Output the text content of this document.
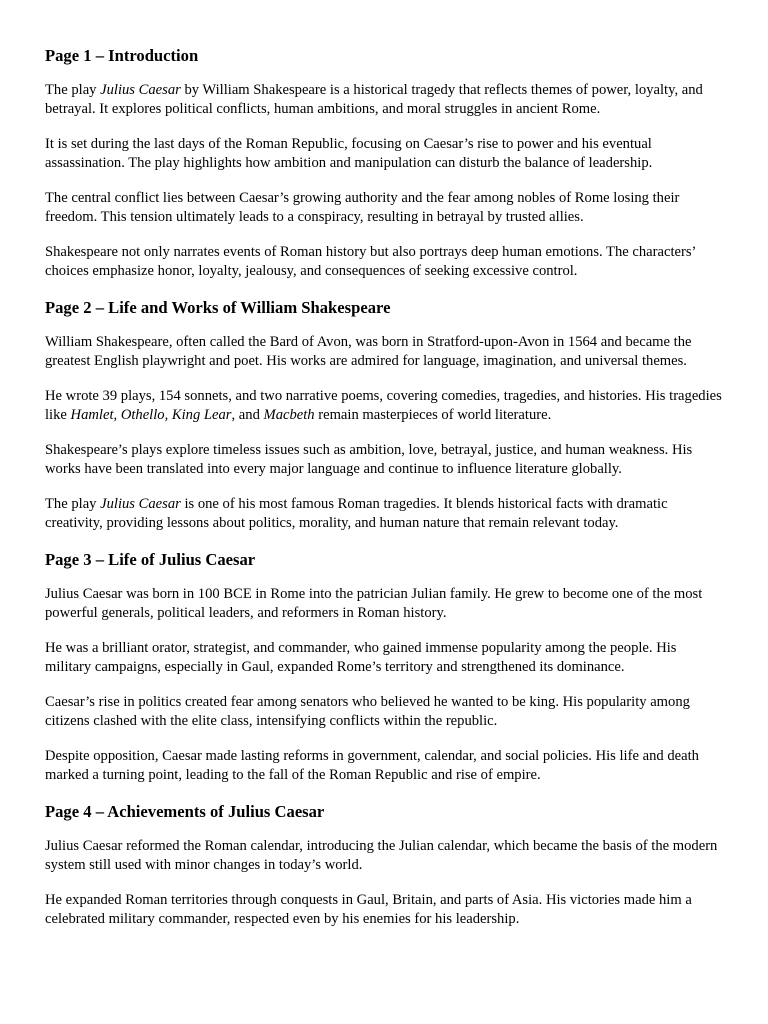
Page 1 – Introduction

The play Julius Caesar by William Shakespeare is a historical tragedy that reflects themes of power, loyalty, and betrayal. It explores political conflicts, human ambitions, and moral struggles in ancient Rome.

It is set during the last days of the Roman Republic, focusing on Caesar’s rise to power and his eventual assassination. The play highlights how ambition and manipulation can disturb the balance of leadership.

The central conflict lies between Caesar’s growing authority and the fear among nobles of Rome losing their freedom. This tension ultimately leads to a conspiracy, resulting in betrayal by trusted allies.

Shakespeare not only narrates events of Roman history but also portrays deep human emotions. The characters’ choices emphasize honor, loyalty, jealousy, and consequences of seeking excessive control.

Page 2 – Life and Works of William Shakespeare

William Shakespeare, often called the Bard of Avon, was born in Stratford-upon-Avon in 1564 and became the greatest English playwright and poet. His works are admired for language, imagination, and universal themes.

He wrote 39 plays, 154 sonnets, and two narrative poems, covering comedies, tragedies, and histories. His tragedies like Hamlet, Othello, King Lear, and Macbeth remain masterpieces of world literature.

Shakespeare’s plays explore timeless issues such as ambition, love, betrayal, justice, and human weakness. His works have been translated into every major language and continue to influence literature globally.

The play Julius Caesar is one of his most famous Roman tragedies. It blends historical facts with dramatic creativity, providing lessons about politics, morality, and human nature that remain relevant today.

Page 3 – Life of Julius Caesar

Julius Caesar was born in 100 BCE in Rome into the patrician Julian family. He grew to become one of the most powerful generals, political leaders, and reformers in Roman history.

He was a brilliant orator, strategist, and commander, who gained immense popularity among the people. His military campaigns, especially in Gaul, expanded Rome’s territory and strengthened its dominance.

Caesar’s rise in politics created fear among senators who believed he wanted to be king. His popularity among citizens clashed with the elite class, intensifying conflicts within the republic.

Despite opposition, Caesar made lasting reforms in government, calendar, and social policies. His life and death marked a turning point, leading to the fall of the Roman Republic and rise of empire.

Page 4 – Achievements of Julius Caesar

Julius Caesar reformed the Roman calendar, introducing the Julian calendar, which became the basis of the modern system still used with minor changes in today’s world.

He expanded Roman territories through conquests in Gaul, Britain, and parts of Asia. His victories made him a celebrated military commander, respected even by his enemies for his leadership.
